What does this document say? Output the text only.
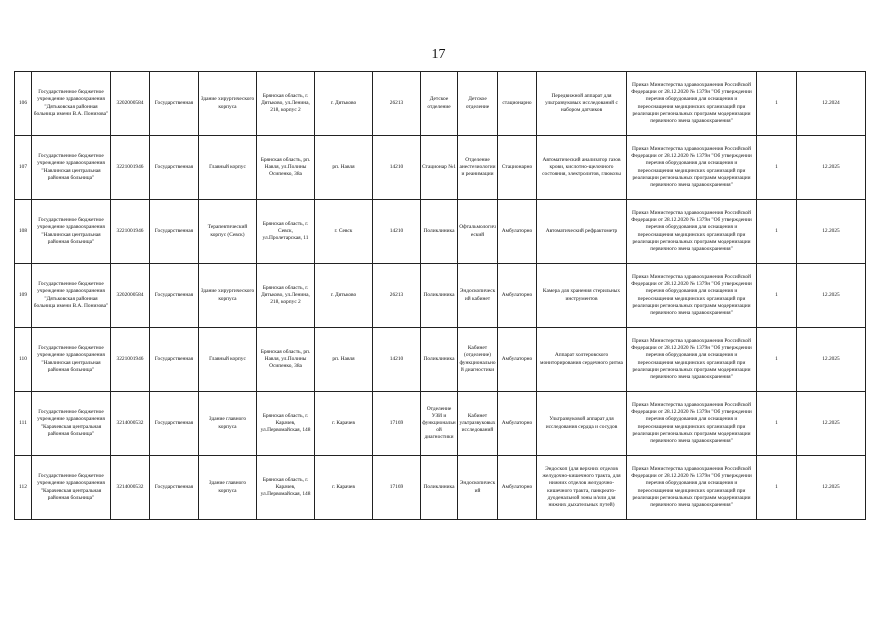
17
106	Государственное бюджетное учреждение здравоохранения "Дятьковская районная больница имени В.А. Понизова"	3202000584	Государственная	Здание хирургического корпуса	Брянская область, г. Дятьково, ул.Ленина, 218, корпус 2	г. Дятьково	26213	Детское отделение	Детское отделение	стационарно	Передвижной аппарат для ультразвуковых исследований с набором датчиков	Приказ Министерства здравоохранения Российской Федерации от 28.12.2020 № 1379н "Об утверждении перечня оборудования для оснащения и переоснащения медицинских организаций при реализации региональных программ модернизации первичного звена здравоохранения"	1	12.2024
107	Государственное бюджетное учреждение здравоохранения "Навлинская центральная районная больница"	3221001946	Государственная	Главный корпус	Брянская область, рп. Навля, ул.Полины Осипенко, 38а	рп. Навля	14210	Стационар №1	Отделение анестезиологии и реанимации	Стационарно	Автоматический анализатор газов крови, кислотно-щелочного состояния, электролитов, глюкозы	Приказ Министерства здравоохранения Российской Федерации от 28.12.2020 № 1379н "Об утверждении перечня оборудования для оснащения и переоснащения медицинских организаций при реализации региональных программ модернизации первичного звена здравоохранения"	1	12.2025
108	Государственное бюджетное учреждение здравоохранения "Навлинская центральная районная больница"	3221001946	Государственная	Терапевтический корпус (Севск)	Брянская область, г. Севск, ул.Пролетарская, 11	г. Севск	14210	Поликлиника	Офтальмологический	Амбулаторно	Автоматический рефрактометр	Приказ Министерства здравоохранения Российской Федерации от 28.12.2020 № 1379н "Об утверждении перечня оборудования для оснащения и переоснащения медицинских организаций при реализации региональных программ модернизации первичного звена здравоохранения"	1	12.2025
109	Государственное бюджетное учреждение здравоохранения "Дятьковская районная больница имени В.А. Понизова"	3202000584	Государственная	Здание хирургического корпуса	Брянская область, г. Дятьково, ул.Ленина, 218, корпус 2	г. Дятьково	26213	Поликлиника	Эндоскопический кабинет	Амбулаторно	Камера для хранения стерильных инструментов	Приказ Министерства здравоохранения Российской Федерации от 28.12.2020 № 1379н "Об утверждении перечня оборудования для оснащения и переоснащения медицинских организаций при реализации региональных программ модернизации первичного звена здравоохранения"	1	12.2025
110	Государственное бюджетное учреждение здравоохранения "Навлинская центральная районная больница"	3221001946	Государственная	Главный корпус	Брянская область, рп. Навля, ул.Полины Осипенко, 38а	рп. Навля	14210	Поликлиника	Кабинет (отделение) функциональной диагностики	Амбулаторно	Аппарат холтеровского мониторирования сердечного ритма	Приказ Министерства здравоохранения Российской Федерации от 28.12.2020 № 1379н "Об утверждении перечня оборудования для оснащения и переоснащения медицинских организаций при реализации региональных программ модернизации первичного звена здравоохранения"	1	12.2025
111	Государственное бюджетное учреждение здравоохранения "Карачевская центральная районная больница"	3214000532	Государственная	Здание главного корпуса	Брянская область, г. Карачев, ул.Первомайская, 148	г. Карачев	17169	Отделение УЗИ и функциональной диагностики	Кабинет ультразвуковых исследований	Амбулаторно	Ультразвуковой аппарат для исследования сердца и сосудов	Приказ Министерства здравоохранения Российской Федерации от 28.12.2020 № 1379н "Об утверждении перечня оборудования для оснащения и переоснащения медицинских организаций при реализации региональных программ модернизации первичного звена здравоохранения"	1	12.2025
112	Государственное бюджетное учреждение здравоохранения "Карачевская центральная районная больница"	3214000532	Государственная	Здание главного корпуса	Брянская область, г. Карачев, ул.Первомайская, 148	г. Карачев	17169	Поликлиника	Эндоскопический	Амбулаторно	Эндоскоп (для верхних отделов желудочно-кишечного тракта, для нижних отделов желудочно-кишечного тракта, панкреато-дуоденальной зоны и/или для нижних дыхательных путей)	Приказ Министерства здравоохранения Российской Федерации от 28.12.2020 № 1379н "Об утверждении перечня оборудования для оснащения и переоснащения медицинских организаций при реализации региональных программ модернизации первичного звена здравоохранения"	1	12.2025
